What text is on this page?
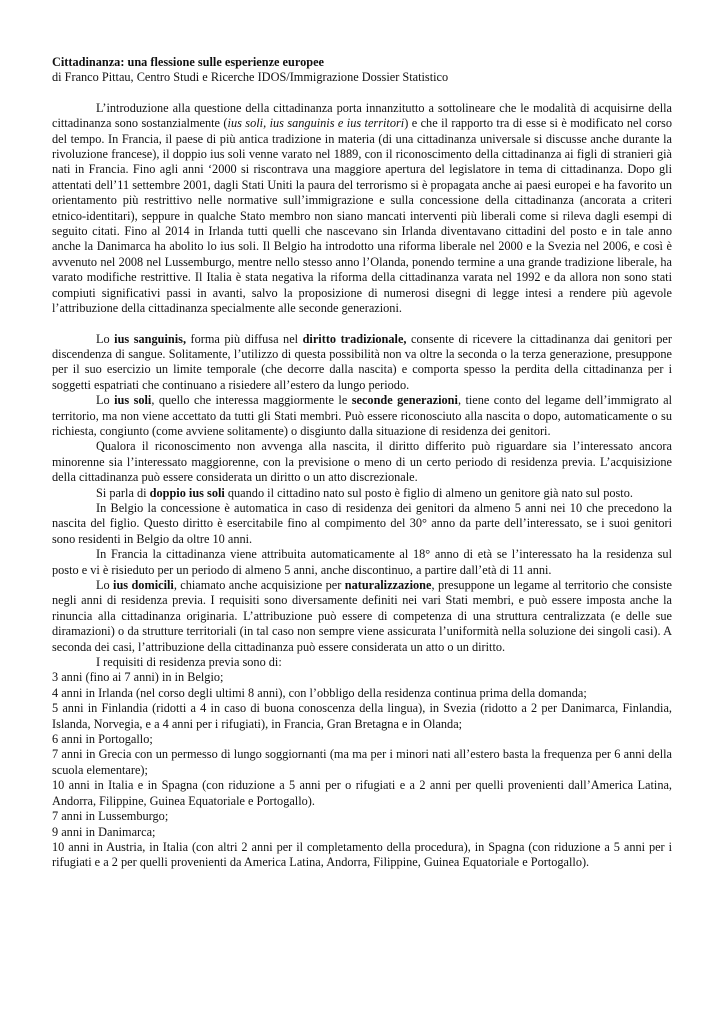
Cittadinanza: una flessione sulle esperienze europee

di Franco Pittau, Centro Studi e Ricerche IDOS/Immigrazione Dossier Statistico

L’introduzione alla questione della cittadinanza porta innanzitutto a sottolineare che le modalità di acquisirne della cittadinanza sono sostanzialmente (ius soli, ius sanguinis e ius territori) e che il rapporto tra di esse si è modificato nel corso del tempo. In Francia, il paese di più antica tradizione in materia (di una cittadinanza universale si discusse anche durante la rivoluzione francese), il doppio ius soli venne varato nel 1889, con il riconoscimento della cittadinanza ai figli di stranieri già nati in Francia. Fino agli anni ‘2000 si riscontrava una maggiore apertura del legislatore in tema di cittadinanza. Dopo gli attentati dell’11 settembre 2001, dagli Stati Uniti la paura del terrorismo si è propagata anche ai paesi europei e ha favorito un orientamento più restrittivo nelle normative sull’immigrazione e sulla concessione della cittadinanza (ancorata a criteri etnico-identitari), seppure in qualche Stato membro non siano mancati interventi più liberali come si rileva dagli esempi di seguito citati. Fino al 2014 in Irlanda tutti quelli che nascevano sin Irlanda diventavano cittadini del posto e in tale anno anche la Danimarca ha abolito lo ius soli. Il Belgio ha introdotto una riforma liberale nel 2000 e la Svezia nel 2006, e così è avvenuto nel 2008 nel Lussemburgo, mentre nello stesso anno l’Olanda, ponendo termine a una grande tradizione liberale, ha varato modifiche restrittive. Il Italia è stata negativa la riforma della cittadinanza varata nel 1992 e da allora non sono stati compiuti significativi passi in avanti, salvo la proposizione di numerosi disegni di legge intesi a rendere più agevole l’attribuzione della cittadinanza specialmente alle seconde generazioni.

Lo ius sanguinis, forma più diffusa nel diritto tradizionale, consente di ricevere la cittadinanza dai genitori per discendenza di sangue. Solitamente, l’utilizzo di questa possibilità non va oltre la seconda o la terza generazione, presuppone per il suo esercizio un limite temporale (che decorre dalla nascita) e comporta spesso la perdita della cittadinanza per i soggetti espatriati che continuano a risiedere all’estero da lungo periodo.

Lo ius soli, quello che interessa maggiormente le seconde generazioni, tiene conto del legame dell’immigrato al territorio, ma non viene accettato da tutti gli Stati membri. Può essere riconosciuto alla nascita o dopo, automaticamente o su richiesta, congiunto (come avviene solitamente) o disgiunto dalla situazione di residenza dei genitori.

Qualora il riconoscimento non avvenga alla nascita, il diritto differito può riguardare sia l’interessato ancora minorenne sia l’interessato maggiorenne, con la previsione o meno di un certo periodo di residenza previa. L’acquisizione della cittadinanza può essere considerata un diritto o un atto discrezionale.

Si parla di doppio ius soli quando il cittadino nato sul posto è figlio di almeno un genitore già nato sul posto.

In Belgio la concessione è automatica in caso di residenza dei genitori da almeno 5 anni nei 10 che precedono la nascita del figlio. Questo diritto è esercitabile fino al compimento del 30° anno da parte dell’interessato, se i suoi genitori sono residenti in Belgio da oltre 10 anni.

In Francia la cittadinanza viene attribuita automaticamente al 18° anno di età se l’interessato ha la residenza sul posto e vi è risieduto per un periodo di almeno 5 anni, anche discontinuo, a partire dall’età di 11 anni.

Lo ius domicili, chiamato anche acquisizione per naturalizzazione, presuppone un legame al territorio che consiste negli anni di residenza previa. I requisiti sono diversamente definiti nei vari Stati membri, e può essere imposta anche la rinuncia alla cittadinanza originaria. L’attribuzione può essere di competenza di una struttura centralizzata (e delle sue diramazioni) o da strutture territoriali (in tal caso non sempre viene assicurata l’uniformità nella soluzione dei singoli casi). A seconda dei casi, l’attribuzione della cittadinanza può essere considerata un atto o un diritto.

I requisiti di residenza previa sono di:

3 anni (fino ai 7 anni) in in Belgio;

4 anni in Irlanda (nel corso degli ultimi 8 anni), con l’obbligo della residenza continua prima della domanda;

5 anni in Finlandia (ridotti a 4 in caso di buona conoscenza della lingua), in Svezia (ridotto a 2 per Danimarca, Finlandia, Islanda, Norvegia, e a 4 anni per i rifugiati), in Francia, Gran Bretagna e in Olanda;

6 anni in Portogallo;

7 anni in Grecia con un permesso di lungo soggiornanti (ma ma per i minori nati all’estero basta la frequenza per 6 anni della scuola elementare);

10 anni in Italia e in Spagna (con riduzione a 5 anni per o rifugiati e a 2 anni per quelli provenienti dall’America Latina, Andorra, Filippine, Guinea Equatoriale e Portogallo).

7 anni in Lussemburgo;

9 anni in Danimarca;

10 anni in Austria, in Italia (con altri 2 anni per il completamento della procedura), in Spagna (con riduzione a 5 anni per i rifugiati e a 2 per quelli provenienti da America Latina, Andorra, Filippine, Guinea Equatoriale e Portogallo).
